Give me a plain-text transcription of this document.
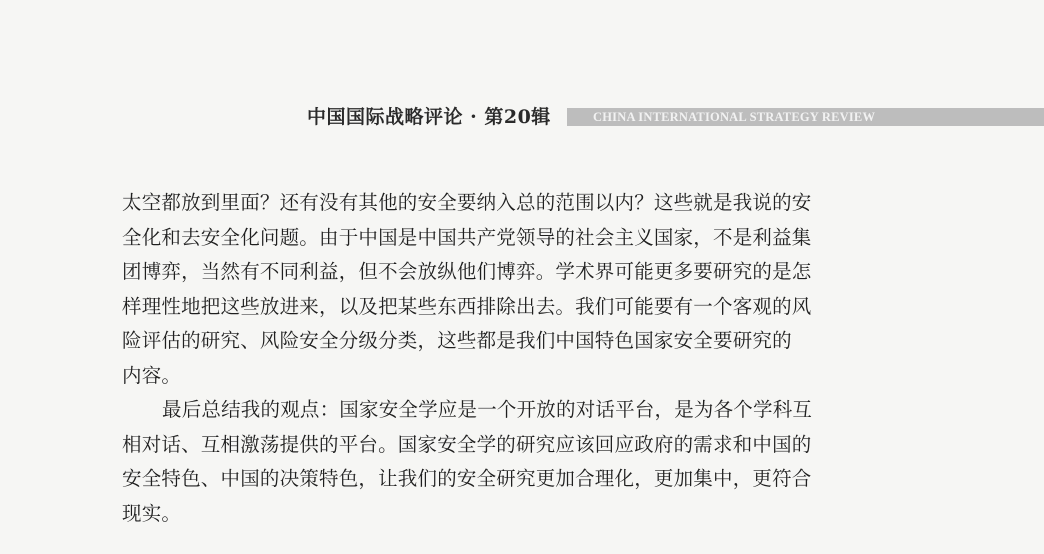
中国国际战略评论 · 第20辑	CHINA INTERNATIONAL STRATEGY REVIEW
太空都放到里面？还有没有其他的安全要纳入总的范围以内？这些就是我说的安
全化和去安全化问题。由于中国是中国共产党领导的社会主义国家，不是利益集
团博弈，当然有不同利益，但不会放纵他们博弈。学术界可能更多要研究的是怎
样理性地把这些放进来，以及把某些东西排除出去。我们可能要有一个客观的风
险评估的研究、风险安全分级分类，这些都是我们中国特色国家安全要研究的
内容。
最后总结我的观点：国家安全学应是一个开放的对话平台，是为各个学科互
相对话、互相激荡提供的平台。国家安全学的研究应该回应政府的需求和中国的
安全特色、中国的决策特色，让我们的安全研究更加合理化，更加集中，更符合
现实。
